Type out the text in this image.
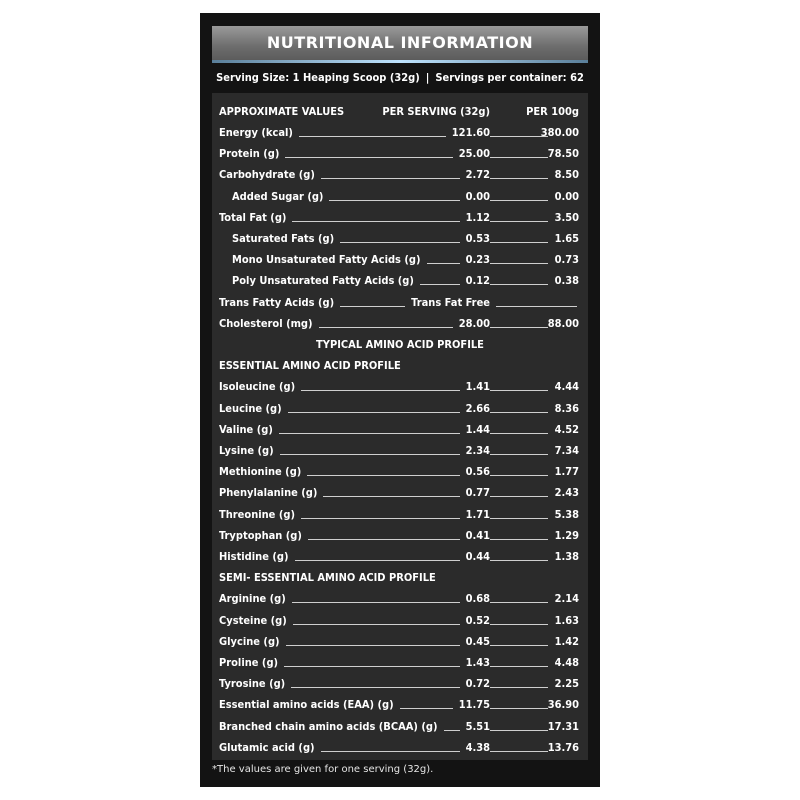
NUTRITIONAL INFORMATION
Serving Size: 1 Heaping Scoop (32g) | Servings per container: 62
APPROXIMATE VALUES	PER SERVING (32g)	PER 100g
Energy (kcal)	121.60	380.00
Protein (g)	25.00	78.50
Carbohydrate (g)	2.72	8.50
Added Sugar (g)	0.00	0.00
Total Fat (g)	1.12	3.50
Saturated Fats (g)	0.53	1.65
Mono Unsaturated Fatty Acids (g)	0.23	0.73
Poly Unsaturated Fatty Acids (g)	0.12	0.38
Trans Fatty Acids (g)	Trans Fat Free
Cholesterol (mg)	28.00	88.00
TYPICAL AMINO ACID PROFILE
ESSENTIAL AMINO ACID PROFILE
Isoleucine (g)	1.41	4.44
Leucine (g)	2.66	8.36
Valine (g)	1.44	4.52
Lysine (g)	2.34	7.34
Methionine (g)	0.56	1.77
Phenylalanine (g)	0.77	2.43
Threonine (g)	1.71	5.38
Tryptophan (g)	0.41	1.29
Histidine (g)	0.44	1.38
SEMI- ESSENTIAL AMINO ACID PROFILE
Arginine (g)	0.68	2.14
Cysteine (g)	0.52	1.63
Glycine (g)	0.45	1.42
Proline (g)	1.43	4.48
Tyrosine (g)	0.72	2.25
Essential amino acids (EAA) (g)	11.75	36.90
Branched chain amino acids (BCAA) (g)	5.51	17.31
Glutamic acid (g)	4.38	13.76
*The values are given for one serving (32g).
